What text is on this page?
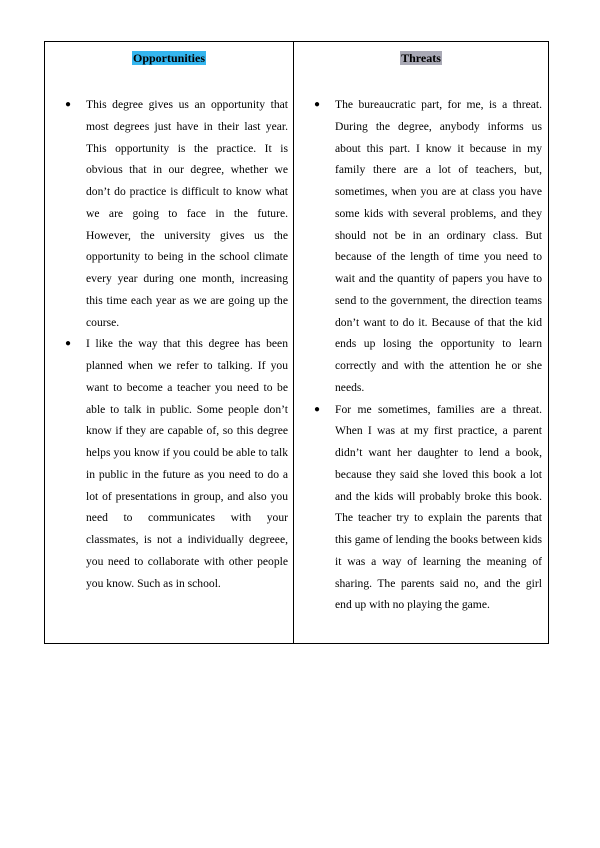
Opportunities
● This degree gives us an opportunity that most degrees just have in their last year. This opportunity is the practice. It is obvious that in our degree, whether we don’t do practice is difficult to know what we are going to face in the future. However, the university gives us the opportunity to being in the school climate every year during one month, increasing this time each year as we are going up the course.
● I like the way that this degree has been planned when we refer to talking. If you want to become a teacher you need to be able to talk in public. Some people don’t know if they are capable of, so this degree helps you know if you could be able to talk in public in the future as you need to do a lot of presentations in group, and also you need to communicates with your classmates, is not a individually degreee, you need to collaborate with other people you know. Such as in school.
Threats
● The bureaucratic part, for me, is a threat. During the degree, anybody informs us about this part. I know it because in my family there are a lot of teachers, but, sometimes, when you are at class you have some kids with several problems, and they should not be in an ordinary class. But because of the length of time you need to wait and the quantity of papers you have to send to the government, the direction teams don’t want to do it. Because of that the kid ends up losing the opportunity to learn correctly and with the attention he or she needs.
● For me sometimes, families are a threat. When I was at my first practice, a parent didn’t want her daughter to lend a book, because they said she loved this book a lot and the kids will probably broke this book. The teacher try to explain the parents that this game of lending the books between kids it was a way of learning the meaning of sharing. The parents said no, and the girl end up with no playing the game.
